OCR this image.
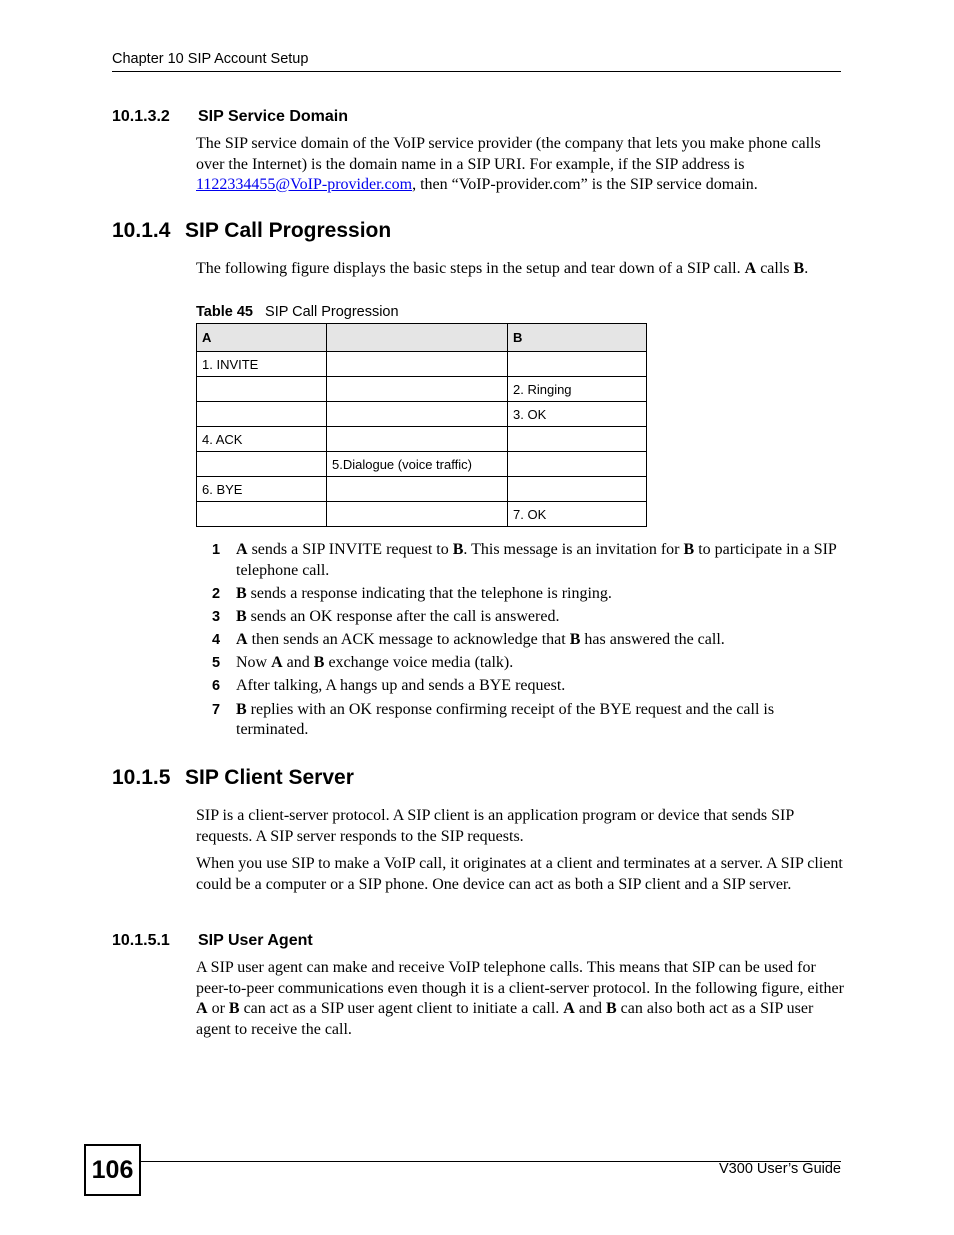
Chapter 10 SIP Account Setup
10.1.3.2 SIP Service Domain
The SIP service domain of the VoIP service provider (the company that lets you make phone calls over the Internet) is the domain name in a SIP URI. For example, if the SIP address is 1122334455@VoIP-provider.com, then “VoIP-provider.com” is the SIP service domain.
10.1.4 SIP Call Progression
The following figure displays the basic steps in the setup and tear down of a SIP call. A calls B.
Table 45 SIP Call Progression
A		B
1. INVITE		
		2. Ringing
		3. OK
4. ACK		
	5.Dialogue (voice traffic)	
6. BYE		
		7. OK
1 A sends a SIP INVITE request to B. This message is an invitation for B to participate in a SIP telephone call.
2 B sends a response indicating that the telephone is ringing.
3 B sends an OK response after the call is answered.
4 A then sends an ACK message to acknowledge that B has answered the call.
5 Now A and B exchange voice media (talk).
6 After talking, A hangs up and sends a BYE request.
7 B replies with an OK response confirming receipt of the BYE request and the call is terminated.
10.1.5 SIP Client Server
SIP is a client-server protocol. A SIP client is an application program or device that sends SIP requests. A SIP server responds to the SIP requests.
When you use SIP to make a VoIP call, it originates at a client and terminates at a server. A SIP client could be a computer or a SIP phone. One device can act as both a SIP client and a SIP server.
10.1.5.1 SIP User Agent
A SIP user agent can make and receive VoIP telephone calls. This means that SIP can be used for peer-to-peer communications even though it is a client-server protocol. In the following figure, either A or B can act as a SIP user agent client to initiate a call. A and B can also both act as a SIP user agent to receive the call.
106	V300 User’s Guide
